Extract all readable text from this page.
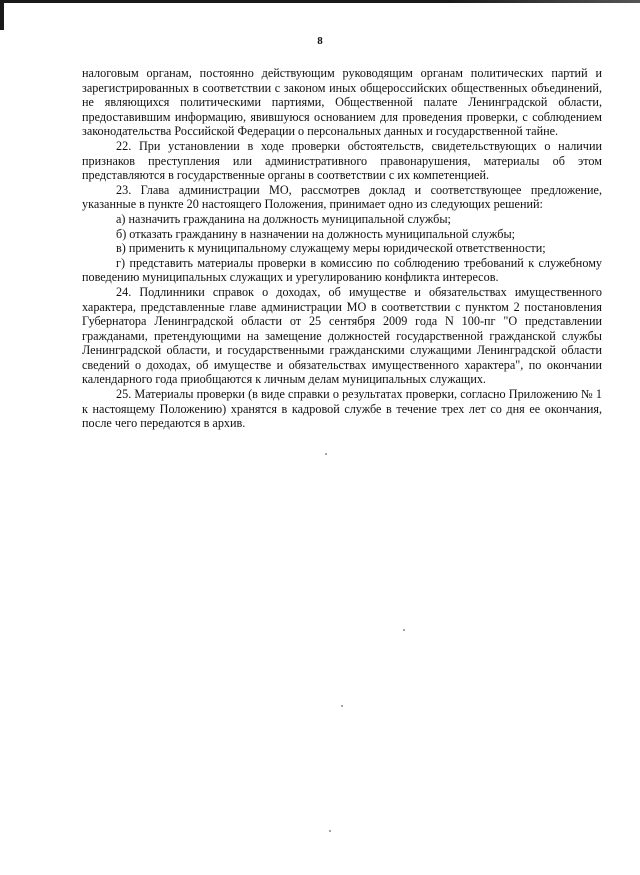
8

налоговым органам, постоянно действующим руководящим органам политических партий и зарегистрированных в соответствии с законом иных общероссийских общественных объединений, не являющихся политическими партиями, Общественной палате Ленинградской области, предоставившим информацию, явившуюся основанием для проведения проверки, с соблюдением законодательства Российской Федерации о персональных данных и государственной тайне.

22. При установлении в ходе проверки обстоятельств, свидетельствующих о наличии признаков преступления или административного правонарушения, материалы об этом представляются в государственные органы в соответствии с их компетенцией.

23. Глава администрации МО, рассмотрев доклад и соответствующее предложение, указанные в пункте 20 настоящего Положения, принимает одно из следующих решений:

а) назначить гражданина на должность муниципальной службы;

б) отказать гражданину в назначении на должность муниципальной службы;

в) применить к муниципальному служащему меры юридической ответственности;

г) представить материалы проверки в комиссию по соблюдению требований к служебному поведению муниципальных служащих и урегулированию конфликта интересов.

24. Подлинники справок о доходах, об имуществе и обязательствах имущественного характера, представленные главе администрации МО в соответствии с пунктом 2 постановления Губернатора Ленинградской области от 25 сентября 2009 года N 100-пг "О представлении гражданами, претендующими на замещение должностей государственной гражданской службы Ленинградской области, и государственными гражданскими служащими Ленинградской области сведений о доходах, об имуществе и обязательствах имущественного характера", по окончании календарного года приобщаются к личным делам муниципальных служащих.

25. Материалы проверки (в виде справки о результатах проверки, согласно Приложению № 1 к настоящему Положению) хранятся в кадровой службе в течение трех лет со дня ее окончания, после чего передаются в архив.
